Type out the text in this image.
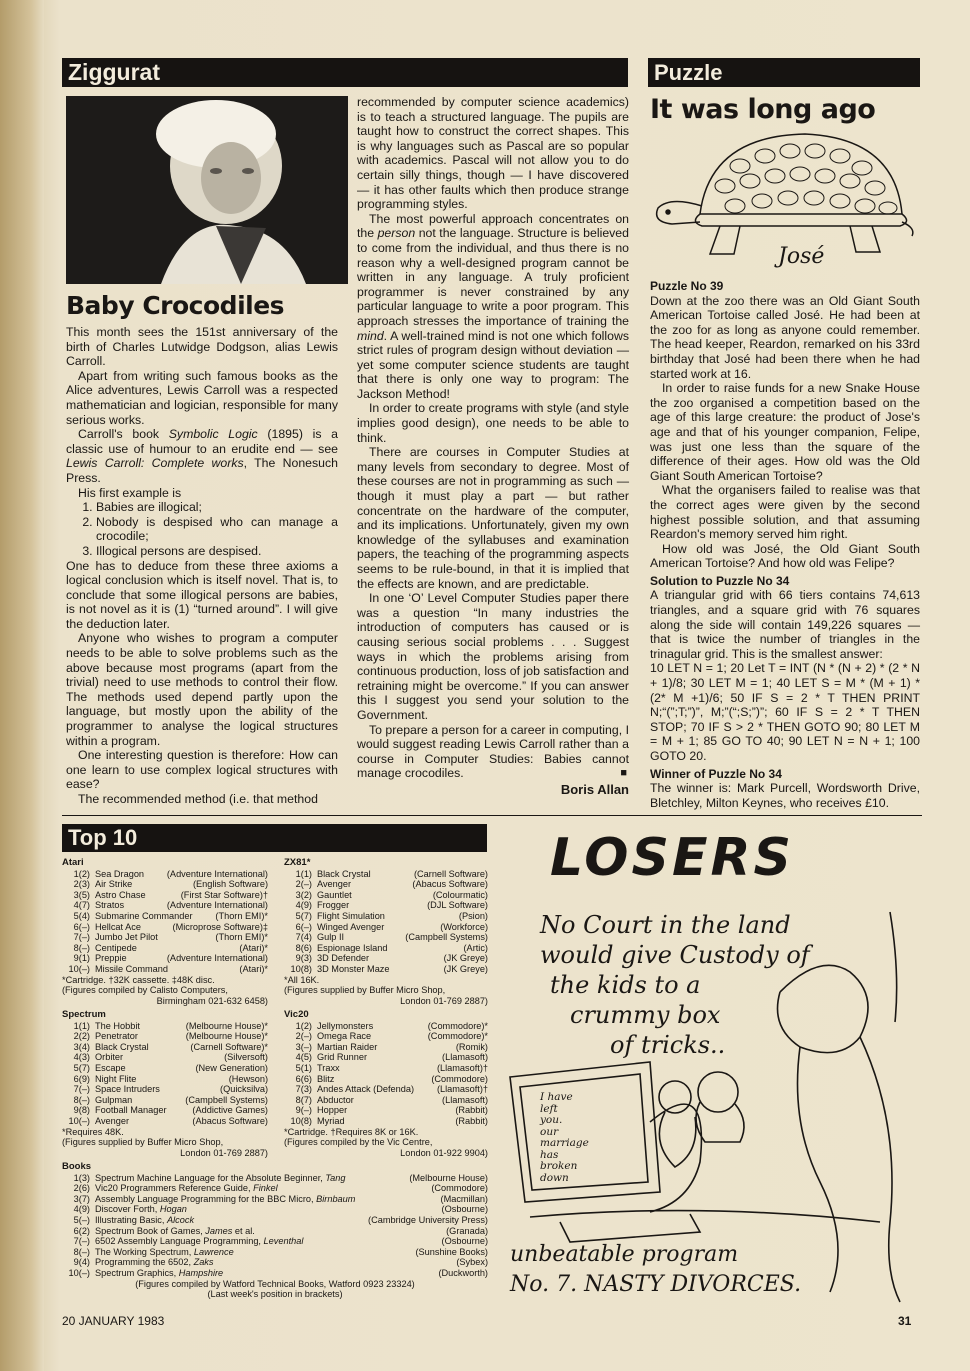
Ziggurat
Baby Crocodiles

This month sees the 151st anniversary of the birth of Charles Lutwidge Dodgson, alias Lewis Carroll.

Apart from writing such famous books as the Alice adventures, Lewis Carroll was a respected mathematician and logician, responsible for many serious works.

Carroll's book Symbolic Logic (1895) is a classic use of humour to an erudite end — see Lewis Carroll: Complete works, The Nonesuch Press.

His first example is

1. Babies are illogical;
2. Nobody is despised who can manage a crocodile;
3. Illogical persons are despised.

One has to deduce from these three axioms a logical conclusion which is itself novel. That is, to conclude that some illogical persons are babies, is not novel as it is (1) “turned around”. I will give the deduction later.

Anyone who wishes to program a computer needs to be able to solve problems such as the above because most programs (apart from the trivial) need to use methods to control their flow. The methods used depend partly upon the language, but mostly upon the ability of the programmer to analyse the logical structures within a program.

One interesting question is therefore: How can one learn to use complex logical structures with ease?

The recommended method (i.e. that method

recommended by computer science academics) is to teach a structured language. The pupils are taught how to construct the correct shapes. This is why languages such as Pascal are so popular with academics. Pascal will not allow you to do certain silly things, though — I have discovered — it has other faults which then produce strange programming styles.

The most powerful approach concentrates on the person not the language. Structure is believed to come from the individual, and thus there is no reason why a well-designed program cannot be written in any language. A truly proficient programmer is never constrained by any particular language to write a poor program. This approach stresses the importance of training the mind. A well-trained mind is not one which follows strict rules of program design without deviation — yet some computer science students are taught that there is only one way to program: The Jackson Method!

In order to create programs with style (and style implies good design), one needs to be able to think.

There are courses in Computer Studies at many levels from secondary to degree. Most of these courses are not in programming as such — though it must play a part — but rather concentrate on the hardware of the computer, and its implications. Unfortunately, given my own knowledge of the syllabuses and examination papers, the teaching of the programming aspects seems to be rule-bound, in that it is implied that the effects are known, and are predictable.

In one ‘O’ Level Computer Studies paper there was a question “In many industries the introduction of computers has caused or is causing serious social problems . . . Suggest ways in which the problems arising from continuous production, loss of job satisfaction and retraining might be overcome.” If you can answer this I suggest you send your solution to the Government.

To prepare a person for a career in computing, I would suggest reading Lewis Carroll rather than a course in Computer Studies: Babies cannot manage crocodiles.	■
Boris Allan
Puzzle
It was long ago
José
Puzzle No 39

Down at the zoo there was an Old Giant South American Tortoise called José. He had been at the zoo for as long as anyone could remember. The head keeper, Reardon, remarked on his 33rd birthday that José had been there when he had started work at 16.

In order to raise funds for a new Snake House the zoo organised a competition based on the age of this large creature: the product of Jose's age and that of his younger companion, Felipe, was just one less than the square of the difference of their ages. How old was the Old Giant South American Tortoise?

What the organisers failed to realise was that the correct ages were given by the second highest possible solution, and that assuming Reardon's memory served him right.

How old was José, the Old Giant South American Tortoise? And how old was Felipe?

Solution to Puzzle No 34

A triangular grid with 66 tiers contains 74,613 triangles, and a square grid with 76 squares along the side will contain 149,226 squares — that is twice the number of triangles in the trinagular grid. This is the smallest answer:

10 LET N = 1; 20 Let T = INT (N * (N + 2) * (2 * N + 1)/8; 30 LET M = 1; 40 LET S = M * (M + 1) * (2* M +1)/6; 50 IF S = 2 * T THEN PRINT N;“(”;T;”)”, M;”(“;S;”)”; 60 IF S = 2 * T THEN STOP; 70 IF S > 2 * THEN GOTO 90; 80 LET M = M + 1; 85 GO TO 40; 90 LET N = N + 1; 100 GOTO 20.

Winner of Puzzle No 34
The winner is: Mark Purcell, Wordsworth Drive, Bletchley, Milton Keynes, who receives £10.
Top 10
Atari
1(2) Sea Dragon (Adventure International)
2(3) Air Strike	(English Software)
3(5) Astro Chase	(First Star Software)†
4(7) Stratos	(Adventure International)
5(4) Submarine Commander (Thorn EMI)*
6(–) Hellcat Ace	(Microprose Software)‡
7(–) Jumbo Jet Pilot	(Thorn EMI)*
8(–) Centipede	(Atari)*
9(1) Preppie	(Adventure International)
10(–) Missile Command	(Atari)*
*Cartridge. †32K cassette. ‡48K disc.
(Figures compiled by Calisto Computers,
Birmingham 021-632 6458)
ZX81*
1(1) Black Crystal	(Carnell Software)
2(–) Avenger	(Abacus Software)
3(2) Gauntlet	(Colourmatic)
4(9) Frogger	(DJL Software)
5(7) Flight Simulation	(Psion)
6(–) Winged Avenger	(Workforce)
7(4) Gulp II	(Campbell Systems)
8(6) Espionage Island	(Artic)
9(3) 3D Defender	(JK Greye)
10(8) 3D Monster Maze	(JK Greye)
*All 16K.
(Figures supplied by Buffer Micro Shop,
London 01-769 2887)
Spectrum
1(1) The Hobbit	(Melbourne House)*
2(2) Penetrator	(Melbourne House)*
3(4) Black Crystal	(Carnell Software)*
4(3) Orbiter	(Silversoft)
5(7) Escape	(New Generation)
6(9) Night Flite	(Hewson)
7(–) Space Intruders	(Quicksilva)
8(–) Gulpman	(Campbell Systems)
9(8) Football Manager	(Addictive Games)
10(–) Avenger	(Abacus Software)
*Requires 48K.
(Figures supplied by Buffer Micro Shop,
London 01-769 2887)
Vic20
1(2) Jellymonsters	(Commodore)*
2(–) Omega Race	(Commodore)*
3(–) Martian Raider	(Romik)
4(5) Grid Runner	(Llamasoft)
5(1) Traxx	(Llamasoft)†
6(6) Blitz	(Commodore)
7(3) Andes Attack (Defenda) (Llamasoft)†
8(7) Abductor	(Llamasoft)
9(–) Hopper	(Rabbit)
10(8) Myriad	(Rabbit)
*Cartridge. †Requires 8K or 16K.
(Figures compiled by the Vic Centre,
London 01-922 9904)
Books
1(3) Spectrum Machine Language for the Absolute Beginner, Tang	(Melbourne House)
2(6) Vic20 Programmers Reference Guide, Finkel	(Commodore)
3(7) Assembly Language Programming for the BBC Micro, Birnbaum	(Macmillan)
4(9) Discover Forth, Hogan	(Osbourne)
5(–) Illustrating Basic, Alcock	(Cambridge University Press)
6(2) Spectrum Book of Games, James et al.	(Granada)
7(–) 6502 Assembly Language Programming, Leventhal	(Osbourne)
8(–) The Working Spectrum, Lawrence	(Sunshine Books)
9(4) Programming the 6502, Zaks	(Sybex)
10(–) Spectrum Graphics, Hampshire	(Duckworth)
(Figures compiled by Watford Technical Books, Watford 0923 23324)
(Last week's position in brackets)
LOSERS
No Court in the land
would give Custody of
the kids to a
crummy box
of tricks..
I have
left
you.
our
marriage
has
broken
down
unbeatable program
No. 7. NASTY DIVORCES.
20 JANUARY 1983	31
